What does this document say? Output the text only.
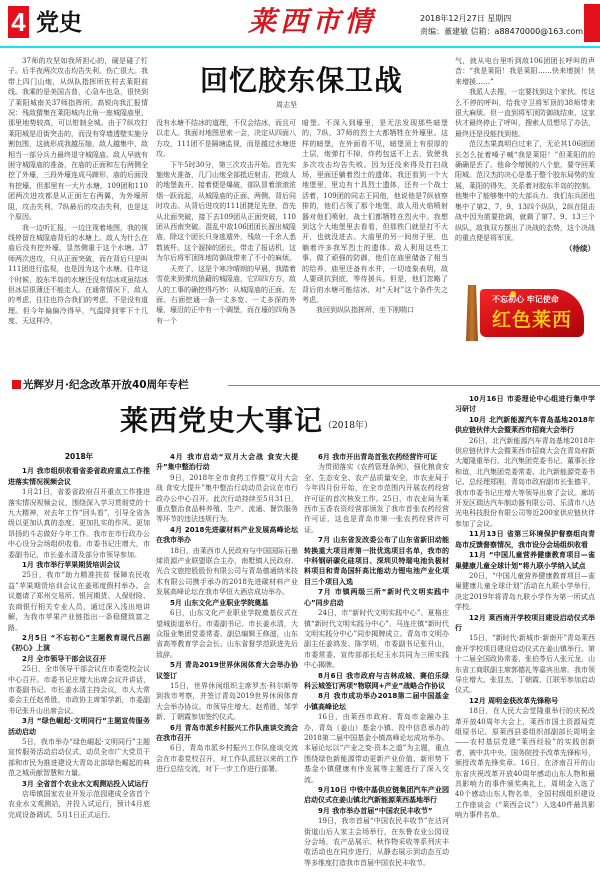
4 党史	莱西市情	2018年12月27日 星期四
责编：董建敏 信箱：a88470000@163.com
回忆胶东保卫战
周志坚

37师的攻坚如我所担心的，硬是碰了钉子。后半夜两次攻击均告失利，伤亡很大。我带上四门山炮，从纵队指挥所佐村去莱阳前线。我乘的是美国吉普，心急车也急，很快到了莱阳城南关37师指挥所。高锐向我汇报情况：残敌猬集在莱阳城内北角一座城隍庙里，那里地势较高，可以钳制全城。由于7纵攻打莱阳城是沿街突击的，而没有穿墙透壁实施分割包围，这就形成我越压缩，敌人越集中，敌相当一部分兵力最终退守城隍庙。敌人早就有困守城隍庙的准备，在庙的正面和左右两侧全挖了外壕，三段外壕连成马蹄形，庙的后面没有挖壕，但那里有一大片水塘。109团和110团两次进攻都是从正面左右两翼，为外壕所阻，攻击失利，7纵最后的攻击失利，也是这个原因。

我一边听汇报，一边注视着地图，我的视线停留在城隍庙背后的水塘上。敌人为什么在庙后没有挖外壕，显然侧重于这个水塘。37师两次进攻，只从正面突破，而在背后只是叫111团进行监视，也是因为这个水塘。往年这个时候，胶东半岛的水塘还没有结冰或虽结冰但冰层很薄还不能走人。在通常情况下，敌人的考虑，往往也符合我们的考虑，不是没有道理。但今年偏偏冷得早，气温降到零下十几度，天这样冷，

没有水塘不结冰的道理，不仅会结冰，而且可以走人。我面对地图思索一会，决定从四面八方攻，111团不是隔塘监视，而是越过水塘进攻。

下午5时30分，第三次攻击开始。首先实施炮火准备，几门山炮全部抵近射击，把敌人的地堡轰开，接着便是爆破，部队冒着滚滚浓烟一跃而起，从城隍庙的正面、两侧、背后同时攻击。从背后进攻的111团捷足先登，首先从北面突破，接下去109团从正面突破，110团从西南突破。混乱中敌106团团长溜出城隍庙，除这个团长只身逃遁外，残敌一千余人悉数被歼。这个溜掉的团长，带走了报话机，这为尔后将军顶阵地防御战带来了不小的麻烦。

天亮了，这是个寒冷晴朗的早晨，我踏着雪花来到弹坑狼藉的城隍庙，它四四方方，敌人的工事的确挖得巧妙：从城隍庙的正面、左面、右面挖通一条一丈多宽、一丈多深的外壕，壕沿的正中有一个碉堡，而在壕的四角各有一个

暗堡。不深入到壕里，是无法发现那些暗堡的，7纵、37师的烈士大都牺牲在外壕里。这样的暗堡，在外面看不见，暗堡顶上有很厚的土层，炮弹打不掉，炸药包送不上去，致使我多次攻击均告失败。因为还没来得及打扫战场，里面还躺着烈士的遗体。我还看到一个大地堡里，里边有十具烈士遗体，还有一个战士活着，109团的同志王同他，他说他是7纵侦察排的，他们占领了那个地堡，敌人用火焰喷射器对他们喷射，战士们都牺牲在烈火中。我想到这个大地堡里去看看，但那铁门就是打不大开，也就没进去。大庙里的另一间房子里，也躺着许多我军烈士的遗体。敌人利用这些工事，做了顽强的防御，他们在庙里储备了相当的给养，庙里还备有水井，一切迹象表明，敌人要顽抗到底，等待援兵。但是，他们忽略了背后的水塘可能结冰，对“天时”这个条件失之考虑。

我回到纵队指挥所，坐下刚喘口

气，就从电台里听到敌106团团长呼叫的声音：“我是莱阳！我是莱阳……快来增援！快来增援……”

我派人去搜，一定要找到这个家伙。传这么不停的呼叫，给我守卫将军顶的38师带来很大麻烦。但一直到将军顶防御战结束，这家伙才最终停止了呼叫，搜索人员想尽了办法，最终还是没能找到他。

范汉杰果真明白过来了，无论其106团团长怎么扯着嗓子喊“我是莱阳！”但莱阳的的确确是丢了。他命令增援的八个旅，要夺回莱阳城。范汉杰的决心是基于整个胶东局势的发展，莱阳的得失，关系着对胶东半岛的控制。他集中了能够集中的大部兵力。我们东兵团也集中了第2、7、9、13四个纵队，2纵在阻击战中因为需要抢调，就剩了第7、9、13三个纵队。敌我双方摆出了决战的态势，这个决战的重点便是将军顶。

（待续）
不忘初心 牢记使命
红色莱西
光辉岁月·纪念改革开放40周年专栏
莱西党史大事记（2018年）
2018年

1月 我市组织收看省委省政府重点工作推进落实情况视频会议

1月21日，省委省政府召开重点工作推进落实情况视频会议，围绕深入学习贯彻党的十九大精神，对去年工作“回头看”，引导全省各级以更加认真的态度、更加扎实的作风、更加昂扬的斗志做好今年工作。我市在市行政办公中心设分会场组织收看。市委书记庄增大，市委副书记、市长姜水清及部分市领导参加。

1月 我市举行苹果期货培训会议

25日，我市“助力精准扶贫 保障农民收益”苹果期货培训会议在姜邢度假村举办。会议邀请了郑州交易所、银河期货、人保财险、农商银行相关专业人员，通过深入浅出地讲解，为我市苹果产业链指出一条稳健致富之路。

2月5日 “不忘初心”主题教育现代吕剧《初心》上演

2月 全市领导干部会议召开

25日，全市领导干部会议在市委党校会议中心召开。市委书记庄增大出席会议并讲话，市委副书记、市长姜水清主持会议，市人大常委会主任赵希胜，市政协主席邹学新，市委副书记张升山出席会议。

3月 “绿色崛起·文明同行”主题宣传服务活动启动

5日，我市举办“绿色崛起·文明同行”主题宣传服务活动启动仪式，动员全市广大党员干部和市民为推进建设大青岛北部绿色崛起的典范之城贡献智慧和力量。

3月 全省首个农业水文观测站投入试运行

店埠镇国家农业开发示范园建成全省首个农业水文观测站，并投入试运行，预计4月底完成设备调试，5月1日正式运行。

4月 我市启动“双月大会战 食安大提升”集中整治行动

9日，2018年全市食药工作暨“双月大会战 食安大提升”集中整治行动动员会议在市行政办公中心召开。此次行动持续至5月31日，重点整治食品种养殖、生产、流通、餐饮服务等环节的违法违规行为。

4月 2018先进碳材料产业发展高峰论坛在我市举办

18日，由莱西市人民政府与中国国际石墨烯资源产业联盟联合主办，南墅镇人民政府、光合文旅控股股份有限公司与青岛德通纳米技术有限公司携手承办的2018先进碳材料产业发展高峰论坛在我市华恒大酒店成功举办。

5月 山东文化产业职业学院奠基

6日，山东文化产业职业学院奠基仪式在望城街道举行。市委副书记、市长姜水清，大众报业集团党委常委、副总编辑王修滋，山东省高等教育学会会长、山东省督学范跃进先后致辞。

5月 青岛2019世界休闲体育大会举办协议签订

15日，世界休闲组织主席罗杰·科尔斯等到我市考察，并签订青岛2019世界休闲体育大会举办协议。市领导庄增大、赵希胜、邹学新、丁朝霞参加签约仪式。

6月 青岛市派乡村振兴工作队座谈交流会在我市召开

6日，青岛市派乡村振兴工作队座谈交流会在市委党校召开，对工作队派驻以来的工作进行总结交流，对下一步工作进行部署。

6月 我市开出青岛首张农药经营许可证

为贯彻落实《农药管理条例》，强化粮食安全、生态安全、农产品质量安全，市农业局于今年四月份开始，在全市范围内开展农药经营许可证的首次核发工作。25日，市农业局为莱西市玉香农资经营部颁发了我市首张农药经营许可证，这也是青岛市第一张农药经营许可证。

7月 山东省发改委公布了山东省新旧动能转换重大项目库第一批优选项目名单，我市的中科钢研碳化硅项目、深圳贝特瑞电池负极材料项目和青岛国轩高比能动力锂电池产业化项目三个项目入选

7月 市镇两级三所“新时代文明实践中心”同步启动

24日，市“新时代文明实践中心”、夏格庄镇“新时代文明实践分中心”、马连庄镇“新时代文明实践分中心”同步揭牌成立。青岛市文明办副主任姜鸿发、陈学明，市委副书记张升山，市委常委、宣传部部长纪玉水共同为三所实践中心揭牌。

8月6日 我市政府与吉林成城、赛伯乐绿科云城签订两项“物联网+产业”战略合作协议

8月 我市成功举办2018第二届中国基金小镇高峰论坛

16日，由莱西市政府、青岛市金融办主办，青岛（姜山）基金小镇、投中信息承办的2018第二届中国基金小镇高峰论坛成功举办。本届论坛以“产业之变·资本之道”为主题，重点围绕绿色新能源带动更新产业价值、新形势下基金小镇健康有序发展等主题进行了深入交流。

9月10日 中铁中基供应链集团汽车产业园启动仪式在姜山镇北汽新能源莱西基地举行

9月 我市举办首届“中国农民丰收节”

19日，我市首届“中国农民丰收节”在沽河街道山后人家主会场举行，在东鲁农业公园设分会场，农产品展示、秋作物采收等系列庆丰收活动也在同步进行，从静态展示到动态互动等多维度打造我市首届中国农民丰收节。

10月16日 市委理论中心组进行集中学习研讨

10月 北汽新能源汽车青岛基地2018年供应链伙伴大会暨莱西市招商大会举行

26日，北汽新能源汽车青岛基地2018年供应链伙伴大会暨莱西市招商大会在青岛府新大厦隆重举行。北汽集团党委书记、董事长徐和谊，北汽集团党委常委、北汽新能源党委书记、总经理郑刚，青岛市政府副市长张德平，我市市委书记庄增大等领导出席了会议。廊坊开发区瑞达汽车制动器有限公司、乐清市八达光电科技股份有限公司等近200家供应链伙伴参加了会议。

11月13日 省第三环境保护督察组向青岛市反馈督察情况，我市设分会场组织收看

11月 “中国儿童营养健康教育项目—雀巢健康儿童全球计划”将九联小学纳入试点

20日，“中国儿童营养健康教育项目—雀巢健康儿童全球计划”活动在九联小学举行，决定2019年将青岛九联小学作为第一所试点学校。

12月 莱西南开学校项目建设启动仪式举行

15日，“新时代·新城市·新南开”青岛莱西南开学校项目建设启动仪式在姜山镇举行。第十二届全国政协常委、张伯苓后人张元龙，山东省工商联副主席郭德礼等嘉宾出席。我市领导庄增大、张显杰、丁朝霞、江联军参加启动仪式。

12月 周明金获改革先锋称号

18日，在人民大会堂隆重举行的庆祝改革开放40周年大会上，莱西市国土资源局党组原书记、原莱西县委组织部副部长周明金——农村基层党建“莱西经验”的实践创新者，被中共中央、国务院授予改革先锋称号，颁授改革先锋奖章。16日，在济南召开的山东省庆祝改革开放40周年感动山东人物和最具影响力的事件颁奖典礼上，周明金入选了40个感动山东人物名单，全国村级组织建设工作座谈会（“莱西会议”）入选40件最具影响力事件名单。
